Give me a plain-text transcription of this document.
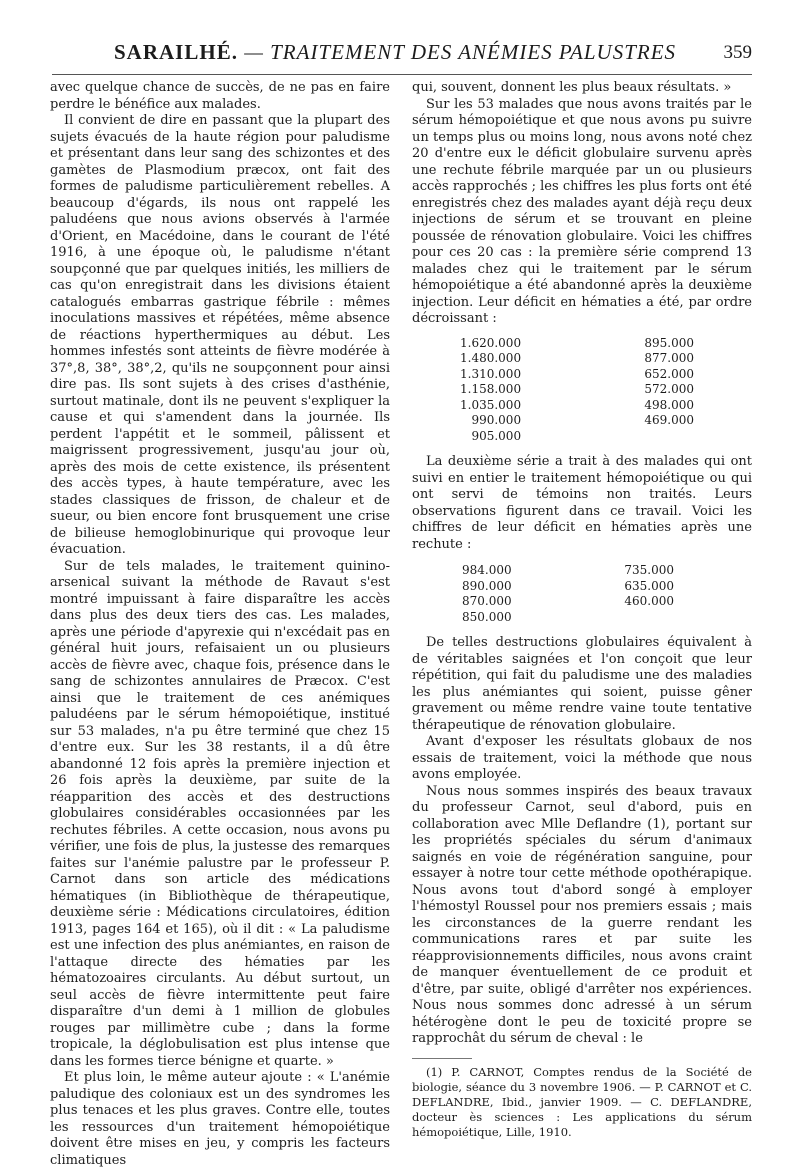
SARAILHÉ. — TRAITEMENT DES ANÉMIES PALUSTRES 359

avec quelque chance de succès, de ne pas en faire perdre le bénéfice aux malades.

Il convient de dire en passant que la plupart des sujets évacués de la haute région pour paludisme et présentant dans leur sang des schizontes et des gamètes de Plasmodium præcox, ont fait des formes de paludisme particulièrement rebelles. A beaucoup d'égards, ils nous ont rappelé les paludéens que nous avions observés à l'armée d'Orient, en Macédoine, dans le courant de l'été 1916, à une époque où, le paludisme n'étant soupçonné que par quelques initiés, les milliers de cas qu'on enregistrait dans les divisions étaient catalogués embarras gastrique fébrile : mêmes inoculations massives et répétées, même absence de réactions hyperthermiques au début. Les hommes infestés sont atteints de fièvre modérée à 37°,8, 38°, 38°,2, qu'ils ne soupçonnent pour ainsi dire pas. Ils sont sujets à des crises d'asthénie, surtout matinale, dont ils ne peuvent s'expliquer la cause et qui s'amendent dans la journée. Ils perdent l'appétit et le sommeil, pâlissent et maigrissent progressivement, jusqu'au jour où, après des mois de cette existence, ils présentent des accès types, à haute température, avec les stades classiques de frisson, de chaleur et de sueur, ou bien encore font brusquement une crise de bilieuse hemoglobinurique qui provoque leur évacuation.

Sur de tels malades, le traitement quinino-arsenical suivant la méthode de Ravaut s'est montré impuissant à faire disparaître les accès dans plus des deux tiers des cas. Les malades, après une période d'apyrexie qui n'excédait pas en général huit jours, refaisaient un ou plusieurs accès de fièvre avec, chaque fois, présence dans le sang de schizontes annulaires de Præcox. C'est ainsi que le traitement de ces anémiques paludéens par le sérum hémopoiétique, institué sur 53 malades, n'a pu être terminé que chez 15 d'entre eux. Sur les 38 restants, il a dû être abandonné 12 fois après la première injection et 26 fois après la deuxième, par suite de la réapparition des accès et des destructions globulaires considérables occasionnées par les rechutes fébriles. A cette occasion, nous avons pu vérifier, une fois de plus, la justesse des remarques faites sur l'anémie palustre par le professeur P. Carnot dans son article des médications hématiques (in Bibliothèque de thérapeutique, deuxième série : Médications circulatoires, édition 1913, pages 164 et 165), où il dit : « La paludisme est une infection des plus anémiantes, en raison de l'attaque directe des hématies par les hématozoaires circulants. Au début surtout, un seul accès de fièvre intermittente peut faire disparaître d'un demi à 1 million de globules rouges par millimètre cube ; dans la forme tropicale, la déglobulisation est plus intense que dans les formes tierce bénigne et quarte. »

Et plus loin, le même auteur ajoute : « L'anémie paludique des coloniaux est un des syndromes les plus tenaces et les plus graves. Contre elle, toutes les ressources d'un traitement hémopoiétique doivent être mises en jeu, y compris les facteurs climatiques

qui, souvent, donnent les plus beaux résultats. »

Sur les 53 malades que nous avons traités par le sérum hémopoiétique et que nous avons pu suivre un temps plus ou moins long, nous avons noté chez 20 d'entre eux le déficit globulaire survenu après une rechute fébrile marquée par un ou plusieurs accès rapprochés ; les chiffres les plus forts ont été enregistrés chez des malades ayant déjà reçu deux injections de sérum et se trouvant en pleine poussée de rénovation globulaire. Voici les chiffres pour ces 20 cas : la première série comprend 13 malades chez qui le traitement par le sérum hémopoiétique a été abandonné après la deuxième injection. Leur déficit en hématies a été, par ordre décroissant :

1.620.000
1.480.000
1.310.000
1.158.000
1.035.000
990.000
905.000
895.000
877.000
652.000
572.000
498.000
469.000

La deuxième série a trait à des malades qui ont suivi en entier le traitement hémopoiétique ou qui ont servi de témoins non traités. Leurs observations figurent dans ce travail. Voici les chiffres de leur déficit en hématies après une rechute :

984.000
890.000
870.000
850.000
735.000
635.000
460.000

De telles destructions globulaires équivalent à de véritables saignées et l'on conçoit que leur répétition, qui fait du paludisme une des maladies les plus anémiantes qui soient, puisse gêner gravement ou même rendre vaine toute tentative thérapeutique de rénovation globulaire.

Avant d'exposer les résultats globaux de nos essais de traitement, voici la méthode que nous avons employée.

Nous nous sommes inspirés des beaux travaux du professeur Carnot, seul d'abord, puis en collaboration avec Mlle Deflandre (1), portant sur les propriétés spéciales du sérum d'animaux saignés en voie de régénération sanguine, pour essayer à notre tour cette méthode opothérapique. Nous avons tout d'abord songé à employer l'hémostyl Roussel pour nos premiers essais ; mais les circonstances de la guerre rendant les communications rares et par suite les réapprovisionnements difficiles, nous avons craint de manquer éventuellement de ce produit et d'être, par suite, obligé d'arrêter nos expériences. Nous nous sommes donc adressé à un sérum hétérogène dont le peu de toxicité propre se rapprochât du sérum de cheval : le

(1) P. CARNOT, Comptes rendus de la Société de biologie, séance du 3 novembre 1906. — P. CARNOT et C. DEFLANDRE, Ibid., janvier 1909. — C. DEFLANDRE, docteur ès sciences : Les applications du sérum hémopoiétique, Lille, 1910.
